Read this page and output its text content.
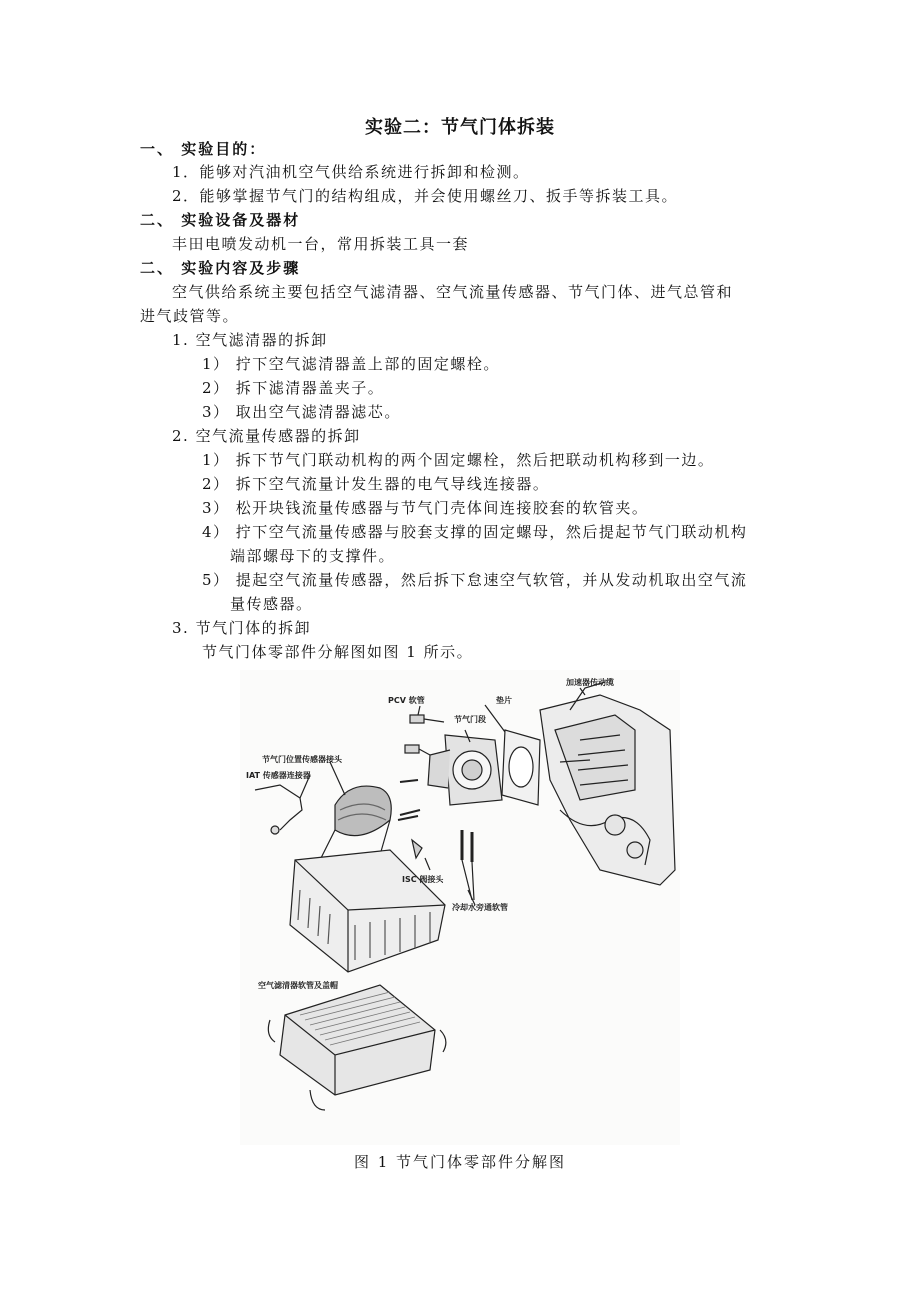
实验二：节气门体拆装
一、 实验目的：
1．能够对汽油机空气供给系统进行拆卸和检测。
2．能够掌握节气门的结构组成，并会使用螺丝刀、扳手等拆装工具。
二、 实验设备及器材
丰田电喷发动机一台，常用拆装工具一套
二、 实验内容及步骤
空气供给系统主要包括空气滤清器、空气流量传感器、节气门体、进气总管和
进气歧管等。
1. 空气滤清器的拆卸
1） 拧下空气滤清器盖上部的固定螺栓。
2） 拆下滤清器盖夹子。
3） 取出空气滤清器滤芯。
2. 空气流量传感器的拆卸
1） 拆下节气门联动机构的两个固定螺栓，然后把联动机构移到一边。
2） 拆下空气流量计发生器的电气导线连接器。
3） 松开块钱流量传感器与节气门壳体间连接胶套的软管夹。
4） 拧下空气流量传感器与胶套支撑的固定螺母，然后提起节气门联动机构
端部螺母下的支撑件。
5） 提起空气流量传感器，然后拆下怠速空气软管，并从发动机取出空气流
量传感器。
3. 节气门体的拆卸
节气门体零部件分解图如图 1 所示。
PCV 软管	垫片
加速器传动缆
节气门段
节气门位置传感器接头
IAT 传感器连接器
ISC 阀接头
冷却水旁通软管
空气滤清器软管及盖帽
图 1 节气门体零部件分解图
